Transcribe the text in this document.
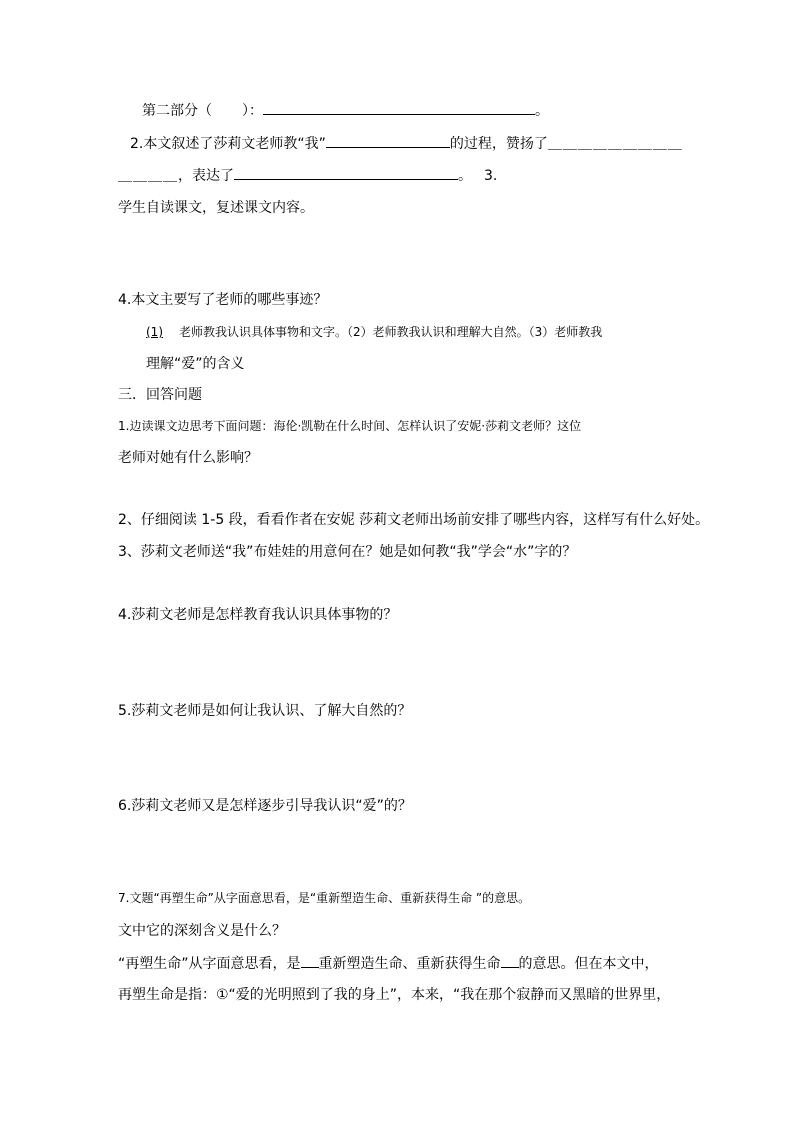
第二部分（ ）：	。
2.本文叙述了莎莉文老师教“我”	的过程，赞扬了＿＿＿＿＿＿＿＿＿
＿＿＿＿，表达了	。 3.
学生自读课文，复述课文内容。
4.本文主要写了老师的哪些事迹？
(1) 老师教我认识具体事物和文字。（2）老师教我认识和理解大自然。（3）老师教我
理解“爱”的含义
三．回答问题
1.边读课文边思考下面问题：海伦·凯勒在什么时间、怎样认识了安妮·莎莉文老师？这位
老师对她有什么影响？
2、仔细阅读 1-5 段，看看作者在安妮 莎莉文老师出场前安排了哪些内容，这样写有什么好处。
3、莎莉文老师送“我”布娃娃的用意何在？她是如何教“我”学会“水”字的？
4.莎莉文老师是怎样教育我认识具体事物的？
5.莎莉文老师是如何让我认识、了解大自然的？
6.莎莉文老师又是怎样逐步引导我认识“爱”的？
7.文题“再塑生命”从字面意思看，是“重新塑造生命、重新获得生命 ”的意思。
文中它的深刻含义是什么？
“再塑生命”从字面意思看，是 重新塑造生命、重新获得生命 的意思。但在本文中，
再塑生命是指：①“爱的光明照到了我的身上”，本来，“我在那个寂静而又黑暗的世界里，
